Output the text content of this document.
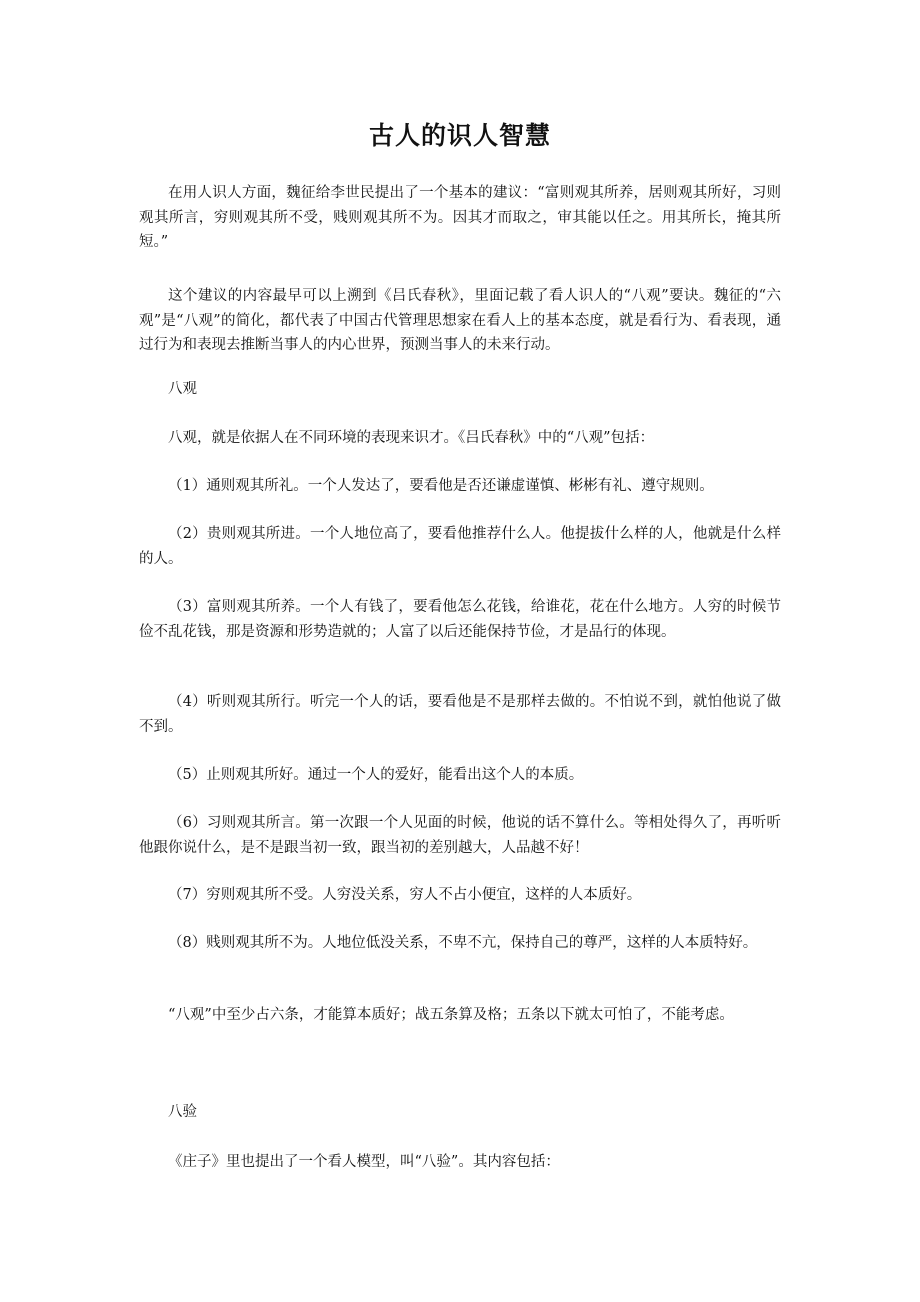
古人的识人智慧

在用人识人方面，魏征给李世民提出了一个基本的建议：“富则观其所养，居则观其所好，习则观其所言，穷则观其所不受，贱则观其所不为。因其才而取之，审其能以任之。用其所长，掩其所短。”

这个建议的内容最早可以上溯到《吕氏春秋》，里面记载了看人识人的“八观”要诀。魏征的“六观”是“八观”的简化，都代表了中国古代管理思想家在看人上的基本态度，就是看行为、看表现，通过行为和表现去推断当事人的内心世界，预测当事人的未来行动。

八观

八观，就是依据人在不同环境的表现来识才。《吕氏春秋》中的“八观”包括：

（1）通则观其所礼。一个人发达了，要看他是否还谦虚谨慎、彬彬有礼、遵守规则。

（2）贵则观其所进。一个人地位高了，要看他推荐什么人。他提拔什么样的人，他就是什么样的人。

（3）富则观其所养。一个人有钱了，要看他怎么花钱，给谁花，花在什么地方。人穷的时候节俭不乱花钱，那是资源和形势造就的；人富了以后还能保持节俭，才是品行的体现。

（4）听则观其所行。听完一个人的话，要看他是不是那样去做的。不怕说不到，就怕他说了做不到。

（5）止则观其所好。通过一个人的爱好，能看出这个人的本质。

（6）习则观其所言。第一次跟一个人见面的时候，他说的话不算什么。等相处得久了，再听听他跟你说什么，是不是跟当初一致，跟当初的差别越大，人品越不好！

（7）穷则观其所不受。人穷没关系，穷人不占小便宜，这样的人本质好。

（8）贱则观其所不为。人地位低没关系，不卑不亢，保持自己的尊严，这样的人本质特好。

“八观”中至少占六条，才能算本质好；战五条算及格；五条以下就太可怕了，不能考虑。

八验

《庄子》里也提出了一个看人模型，叫“八验”。其内容包括：
